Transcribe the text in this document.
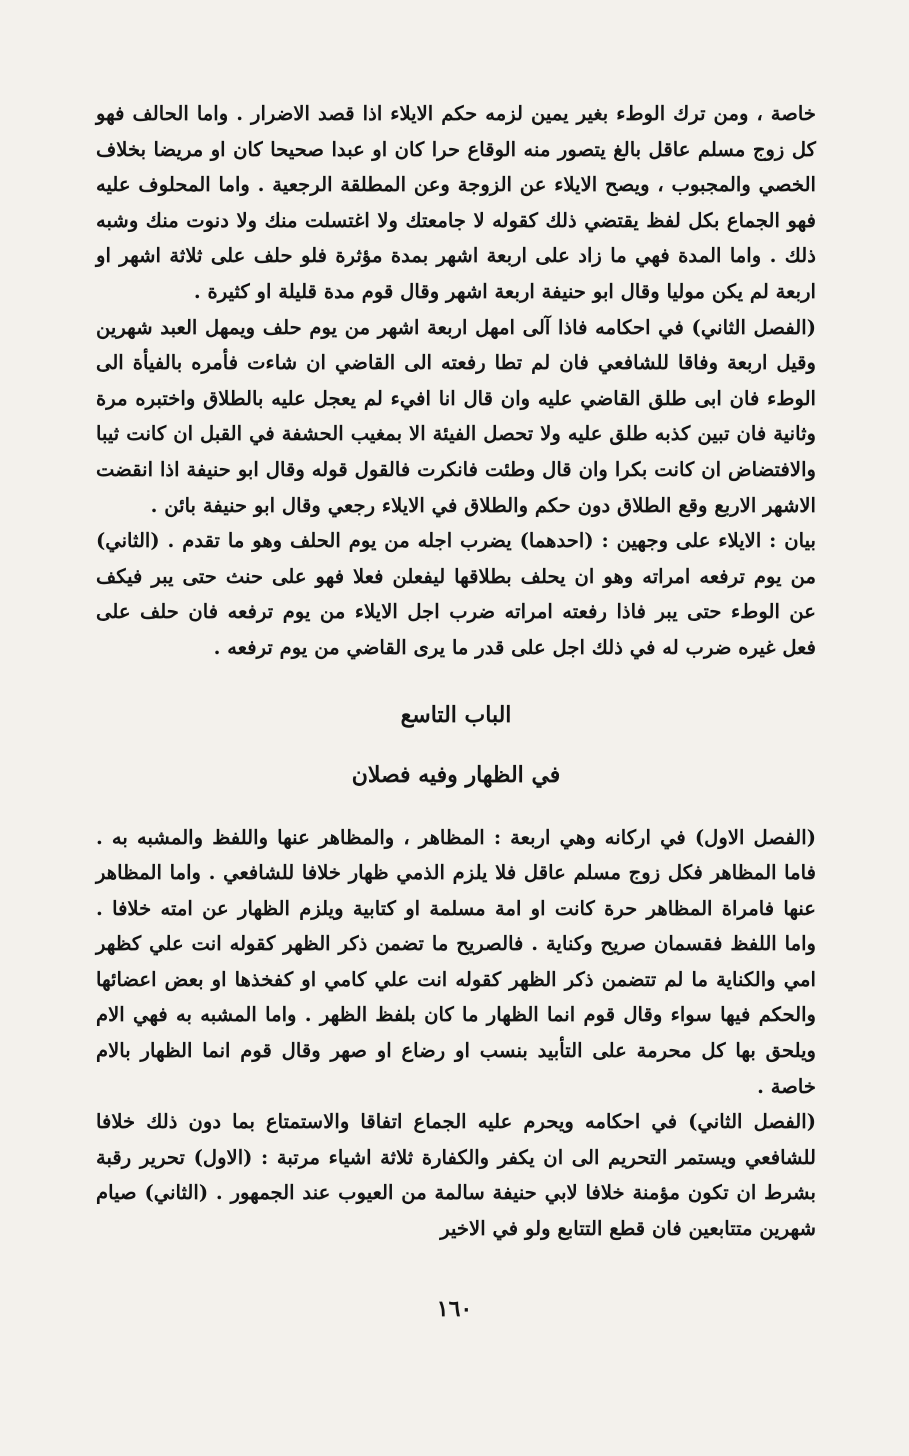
خاصة ، ومن ترك الوطء بغير يمين لزمه حكم الايلاء اذا قصد الاضرار . واما الحالف فهو كل زوج مسلم عاقل بالغ يتصور منه الوقاع حرا كان او عبدا صحيحا كان او مريضا بخلاف الخصي والمجبوب ، ويصح الايلاء عن الزوجة وعن المطلقة الرجعية . واما المحلوف عليه فهو الجماع بكل لفظ يقتضي ذلك كقوله لا جامعتك ولا اغتسلت منك ولا دنوت منك وشبه ذلك . واما المدة فهي ما زاد على اربعة اشهر بمدة مؤثرة فلو حلف على ثلاثة اشهر او اربعة لم يكن موليا وقال ابو حنيفة اربعة اشهر وقال قوم مدة قليلة او كثيرة .

(الفصل الثاني) في احكامه فاذا آلى امهل اربعة اشهر من يوم حلف ويمهل العبد شهرين وقيل اربعة وفاقا للشافعي فان لم تطا رفعته الى القاضي ان شاءت فأمره بالفيأة الى الوطء فان ابى طلق القاضي عليه وان قال انا افيء لم يعجل عليه بالطلاق واختبره مرة وثانية فان تبين كذبه طلق عليه ولا تحصل الفيئة الا بمغيب الحشفة في القبل ان كانت ثيبا والافتضاض ان كانت بكرا وان قال وطئت فانكرت فالقول قوله وقال ابو حنيفة اذا انقضت الاشهر الاربع وقع الطلاق دون حكم والطلاق في الايلاء رجعي وقال ابو حنيفة بائن .

بيان : الايلاء على وجهين : (احدهما) يضرب اجله من يوم الحلف وهو ما تقدم . (الثاني) من يوم ترفعه امراته وهو ان يحلف بطلاقها ليفعلن فعلا فهو على حنث حتى يبر فيكف عن الوطء حتى يبر فاذا رفعته امراته ضرب اجل الايلاء من يوم ترفعه فان حلف على فعل غيره ضرب له في ذلك اجل على قدر ما يرى القاضي من يوم ترفعه .

الباب التاسع

في الظهار وفيه فصلان

(الفصل الاول) في اركانه وهي اربعة : المظاهر ، والمظاهر عنها واللفظ والمشبه به . فاما المظاهر فكل زوج مسلم عاقل فلا يلزم الذمي ظهار خلافا للشافعي . واما المظاهر عنها فامراة المظاهر حرة كانت او امة مسلمة او كتابية ويلزم الظهار عن امته خلافا . واما اللفظ فقسمان صريح وكناية . فالصريح ما تضمن ذكر الظهر كقوله انت علي كظهر امي والكناية ما لم تتضمن ذكر الظهر كقوله انت علي كامي او كفخذها او بعض اعضائها والحكم فيها سواء وقال قوم انما الظهار ما كان بلفظ الظهر . واما المشبه به فهي الام ويلحق بها كل محرمة على التأبيد بنسب او رضاع او صهر وقال قوم انما الظهار بالام خاصة .

(الفصل الثاني) في احكامه ويحرم عليه الجماع اتفاقا والاستمتاع بما دون ذلك خلافا للشافعي ويستمر التحريم الى ان يكفر والكفارة ثلاثة اشياء مرتبة : (الاول) تحرير رقبة بشرط ان تكون مؤمنة خلافا لابي حنيفة سالمة من العيوب عند الجمهور . (الثاني) صيام شهرين متتابعين فان قطع التتابع ولو في الاخير

١٦٠
